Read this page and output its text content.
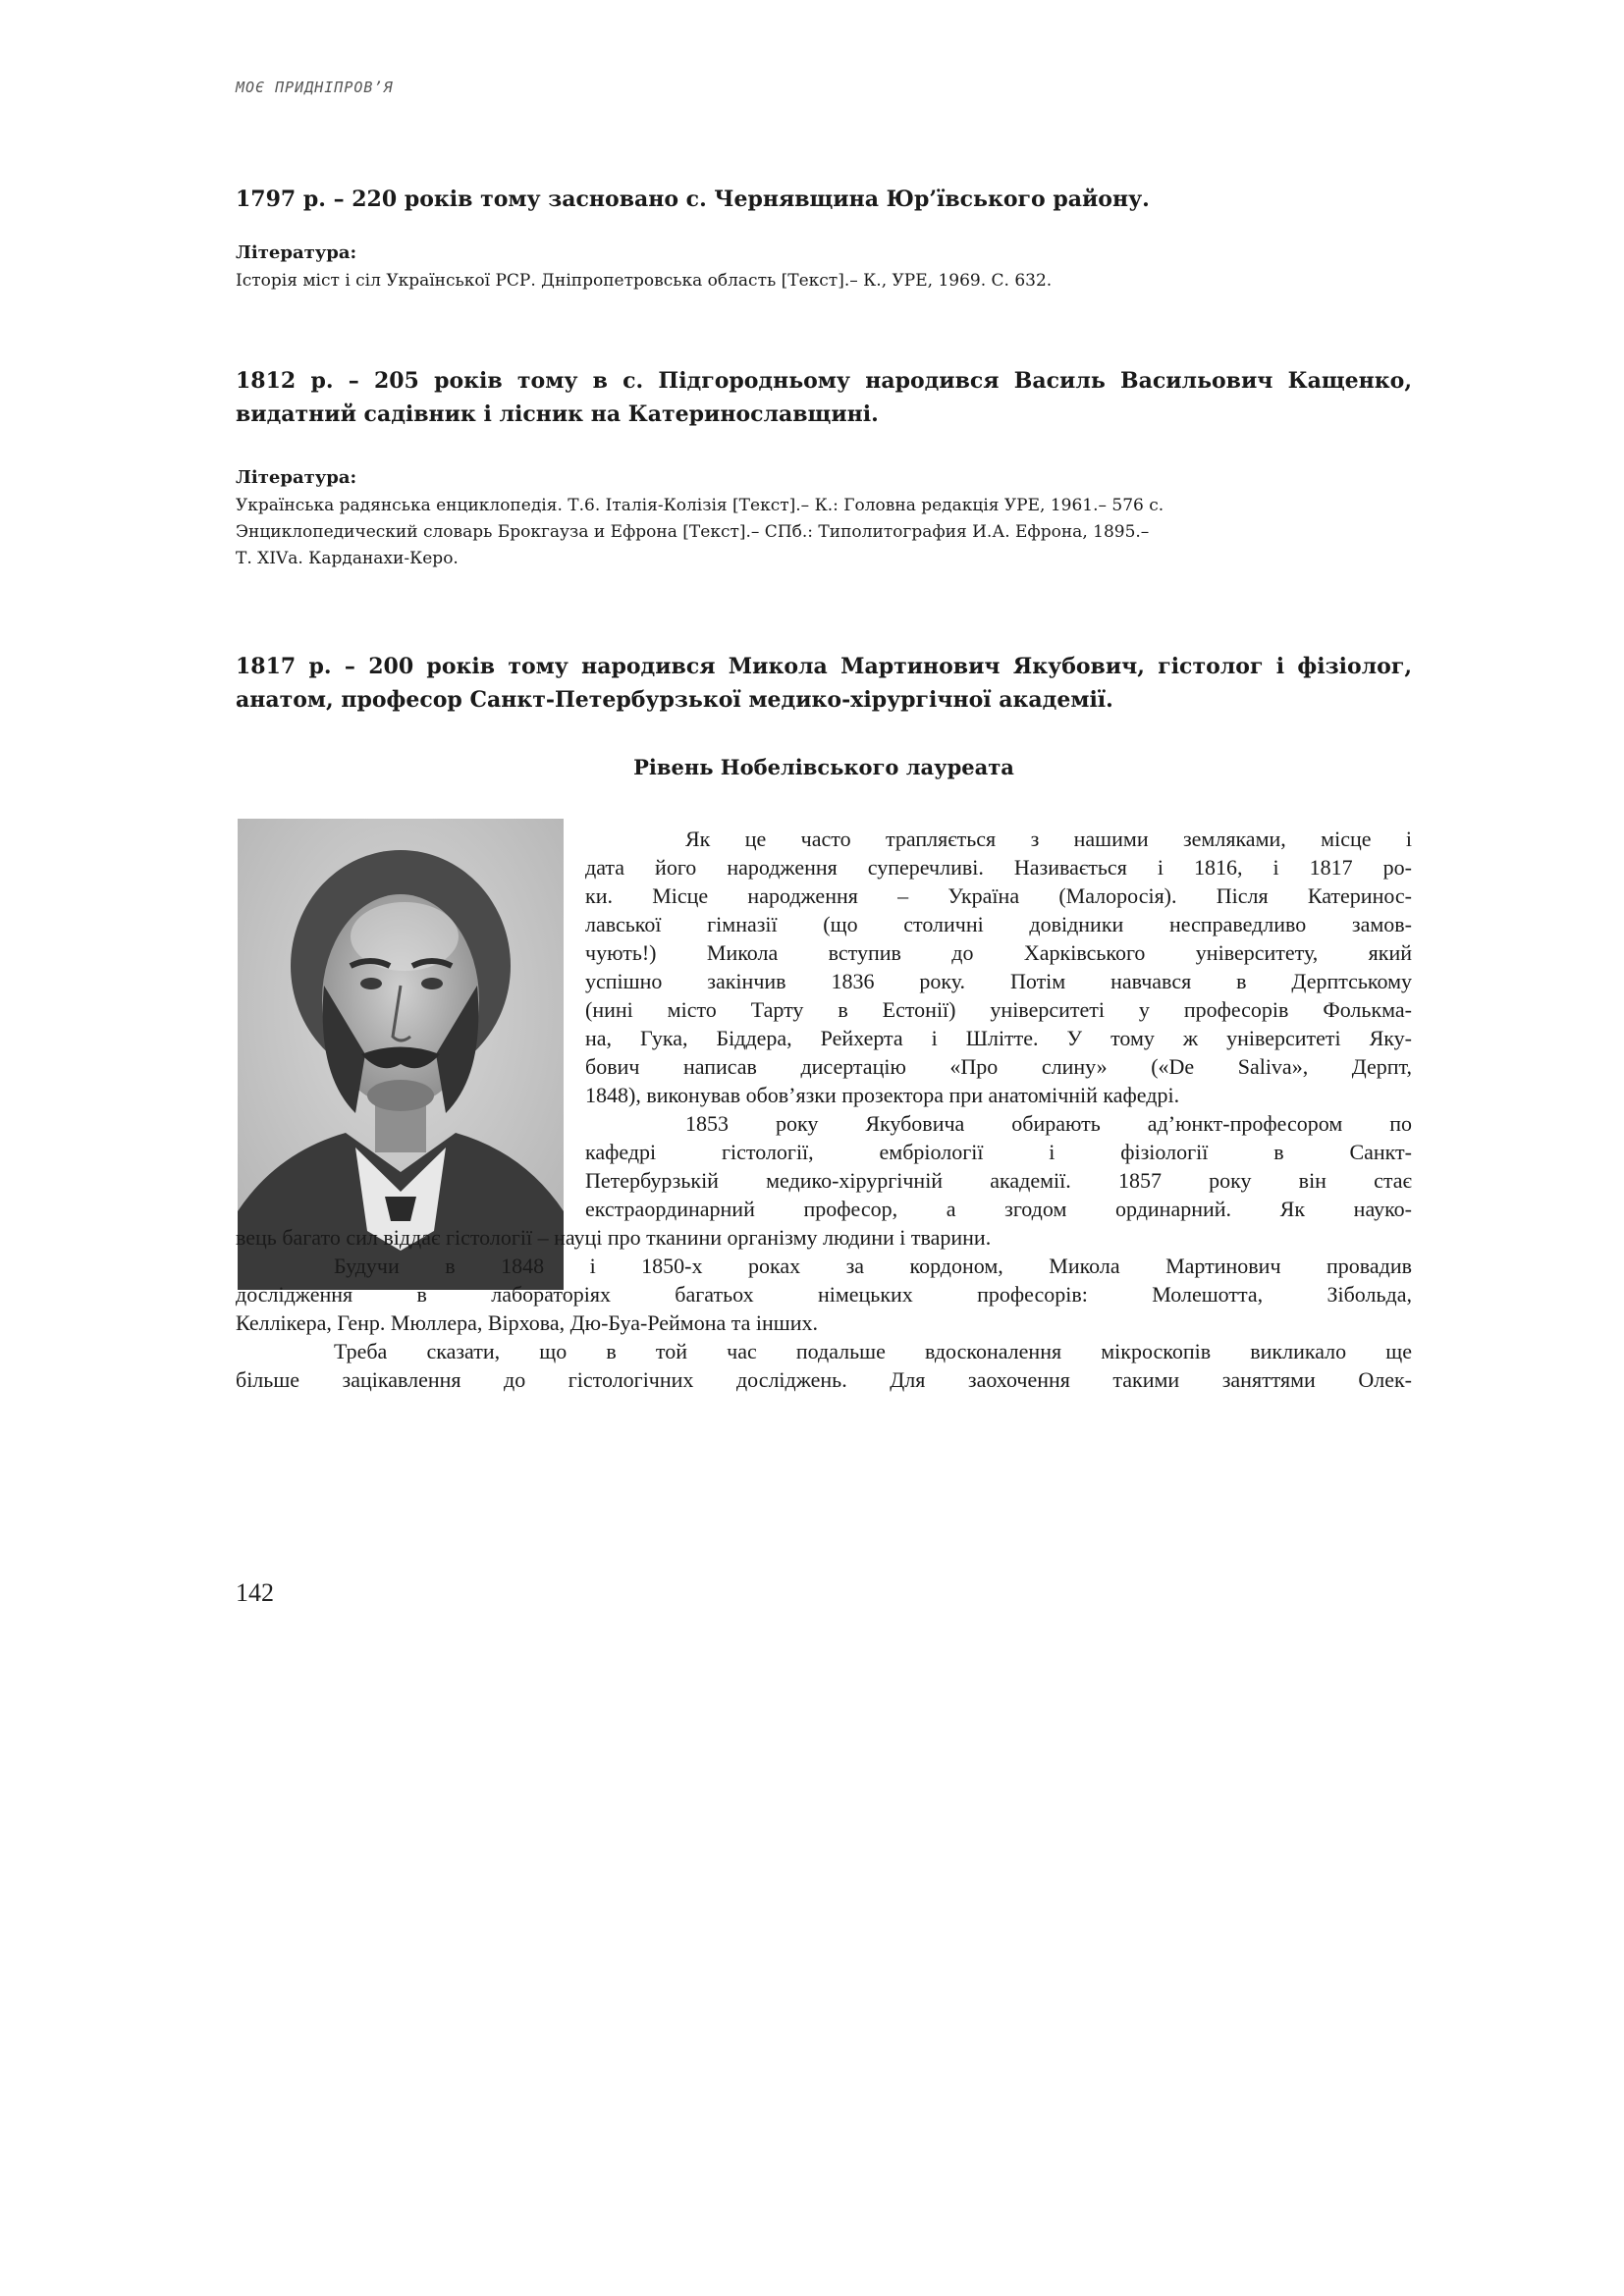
МОЄ ПРИДНІПРОВ’Я
1797 р. – 220 років тому засновано с. Чернявщина Юр’ївського району.
Література:
Історія міст і сіл Української РСР. Дніпропетровська область [Текст].– К., УРЕ, 1969. С. 632.
1812 р. – 205 років тому в с. Підгородньому народився Василь Васильович Кащенко, видатний садівник і лісник на Катеринославщині.
Література:
Українська радянська енциклопедія. Т.6. Італія-Колізія [Текст].– К.: Головна редакція УРЕ, 1961.– 576 с.
Энциклопедический словарь Брокгауза и Ефрона [Текст].– СПб.: Типолитография И.А. Ефрона, 1895.–
Т. XIVа. Карданахи-Керо.
1817 р. – 200 років тому народився Микола Мартинович Якубович, гістолог і фізіолог, анатом, професор Санкт-Петербурзької медико-хірургічної академії.
Рівень Нобелівського лауреата
Як це часто трапляється з нашими земляками, місце і
дата його народження суперечливі. Називається і 1816, і 1817 ро-
ки. Місце народження – Україна (Малоросія). Після Катеринос-
лавської гімназії (що столичні довідники несправедливо замов-
чують!) Микола вступив до Харківського університету, який
успішно закінчив 1836 року. Потім навчався в Дерптському
(нині місто Тарту в Естонії) університеті у професорів Фолькма-
на, Гука, Біддера, Рейхерта і Шлітте. У тому ж університеті Яку-
бович написав дисертацію «Про слину» («De Saliva», Дерпт,
1848), виконував обов’язки прозектора при анатомічній кафедрі.
1853 року Якубовича обирають ад’юнкт-професором по
кафедрі гістології, ембріології і фізіології в Санкт-
Петербурзькій медико-хірургічній академії. 1857 року він стає
екстраординарний професор, а згодом ординарний. Як науко-
вець багато сил віддає гістології – науці про тканини організму людини і тварини.
Будучи в 1848 і 1850-х роках за кордоном, Микола Мартинович провадив
дослідження в лабораторіях багатьох німецьких професорів: Молешотта, Зібольда,
Келлікера, Генр. Мюллера, Вірхова, Дю-Буа-Реймона та інших.
Треба сказати, що в той час подальше вдосконалення мікроскопів викликало ще
більше зацікавлення до гістологічних досліджень. Для заохочення такими заняттями Олек-
142
